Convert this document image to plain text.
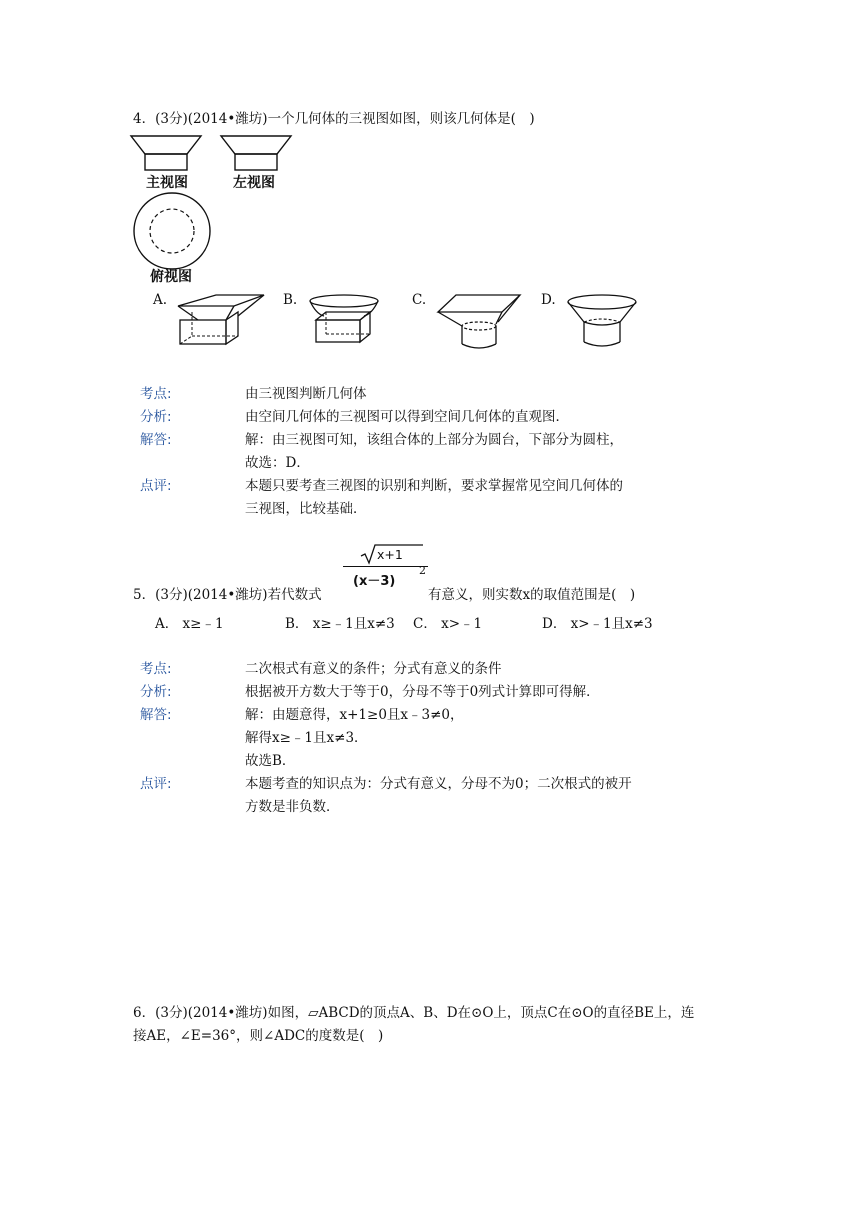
4．(3分)(2014•潍坊)一个几何体的三视图如图，则该几何体是(　)
主视图	左视图
俯视图
A.	B.	C.	D.
考点:	由三视图判断几何体
分析:	由空间几何体的三视图可以得到空间几何体的直观图．
解答:	解：由三视图可知，该组合体的上部分为圆台，下部分为圆柱，
故选：D．
点评:	本题只要考查三视图的识别和判断，要求掌握常见空间几何体的
三视图，比较基础．
x+1
(x－3)
2
5．(3分)(2014•潍坊)若代数式	有意义，则实数x的取值范围是(　)
A． x≥﹣1	B． x≥﹣1且x≠3 C． x>﹣1	D． x>﹣1且x≠3
考点:	二次根式有意义的条件；分式有意义的条件
分析:	根据被开方数大于等于0，分母不等于0列式计算即可得解．
解答:	解：由题意得，x+1≥0且x﹣3≠0，
解得x≥﹣1且x≠3．
故选B．
点评:	本题考查的知识点为：分式有意义，分母不为0；二次根式的被开
方数是非负数．
6．(3分)(2014•潍坊)如图，▱ABCD的顶点A、B、D在⊙O上，顶点C在⊙O的直径BE上，连
接AE，∠E=36°，则∠ADC的度数是(　)
